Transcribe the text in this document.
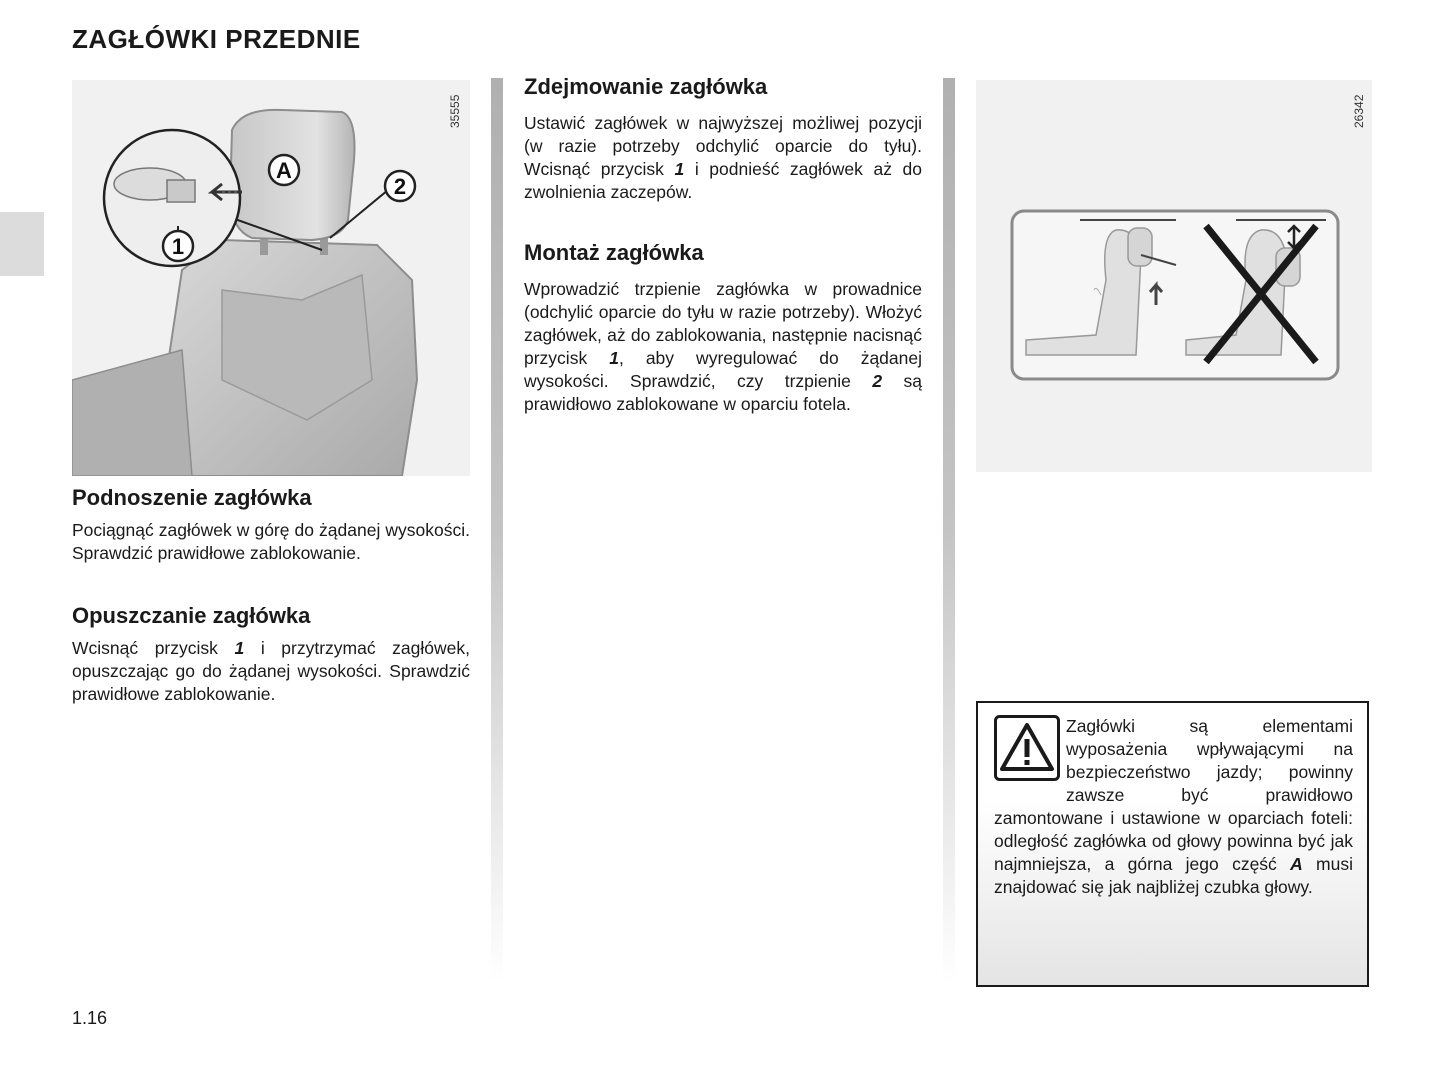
ZAGŁÓWKI PRZEDNIE
A
2
1
35555
Podnoszenie zagłówka

Pociągnąć zagłówek w górę do żądanej wysokości. Sprawdzić prawidłowe zablokowanie.

Opuszczanie zagłówka

Wcisnąć przycisk 1 i przytrzymać zagłówek, opuszczając go do żądanej wysokości. Sprawdzić prawidłowe zablokowanie.

Zdejmowanie zagłówka

Ustawić zagłówek w najwyższej możliwej pozycji (w razie potrzeby odchylić oparcie do tyłu). Wcisnąć przycisk 1 i podnieść zagłówek aż do zwolnienia zaczepów.

Montaż zagłówka

Wprowadzić trzpienie zagłówka w prowadnice (odchylić oparcie do tyłu w razie potrzeby). Włożyć zagłówek, aż do zablokowania, następnie nacisnąć przycisk 1, aby wyregulować do żądanej wysokości. Sprawdzić, czy trzpienie 2 są prawidłowo zablokowane w oparciu fotela.

26342
Zagłówki są elementami wyposażenia wpływającymi na bezpieczeństwo jazdy; powinny zawsze być prawidłowo zamontowane i ustawione w oparciach foteli: odległość zagłówka od głowy powinna być jak najmniejsza, a górna jego część A musi znajdować się jak najbliżej czubka głowy.

1.16
